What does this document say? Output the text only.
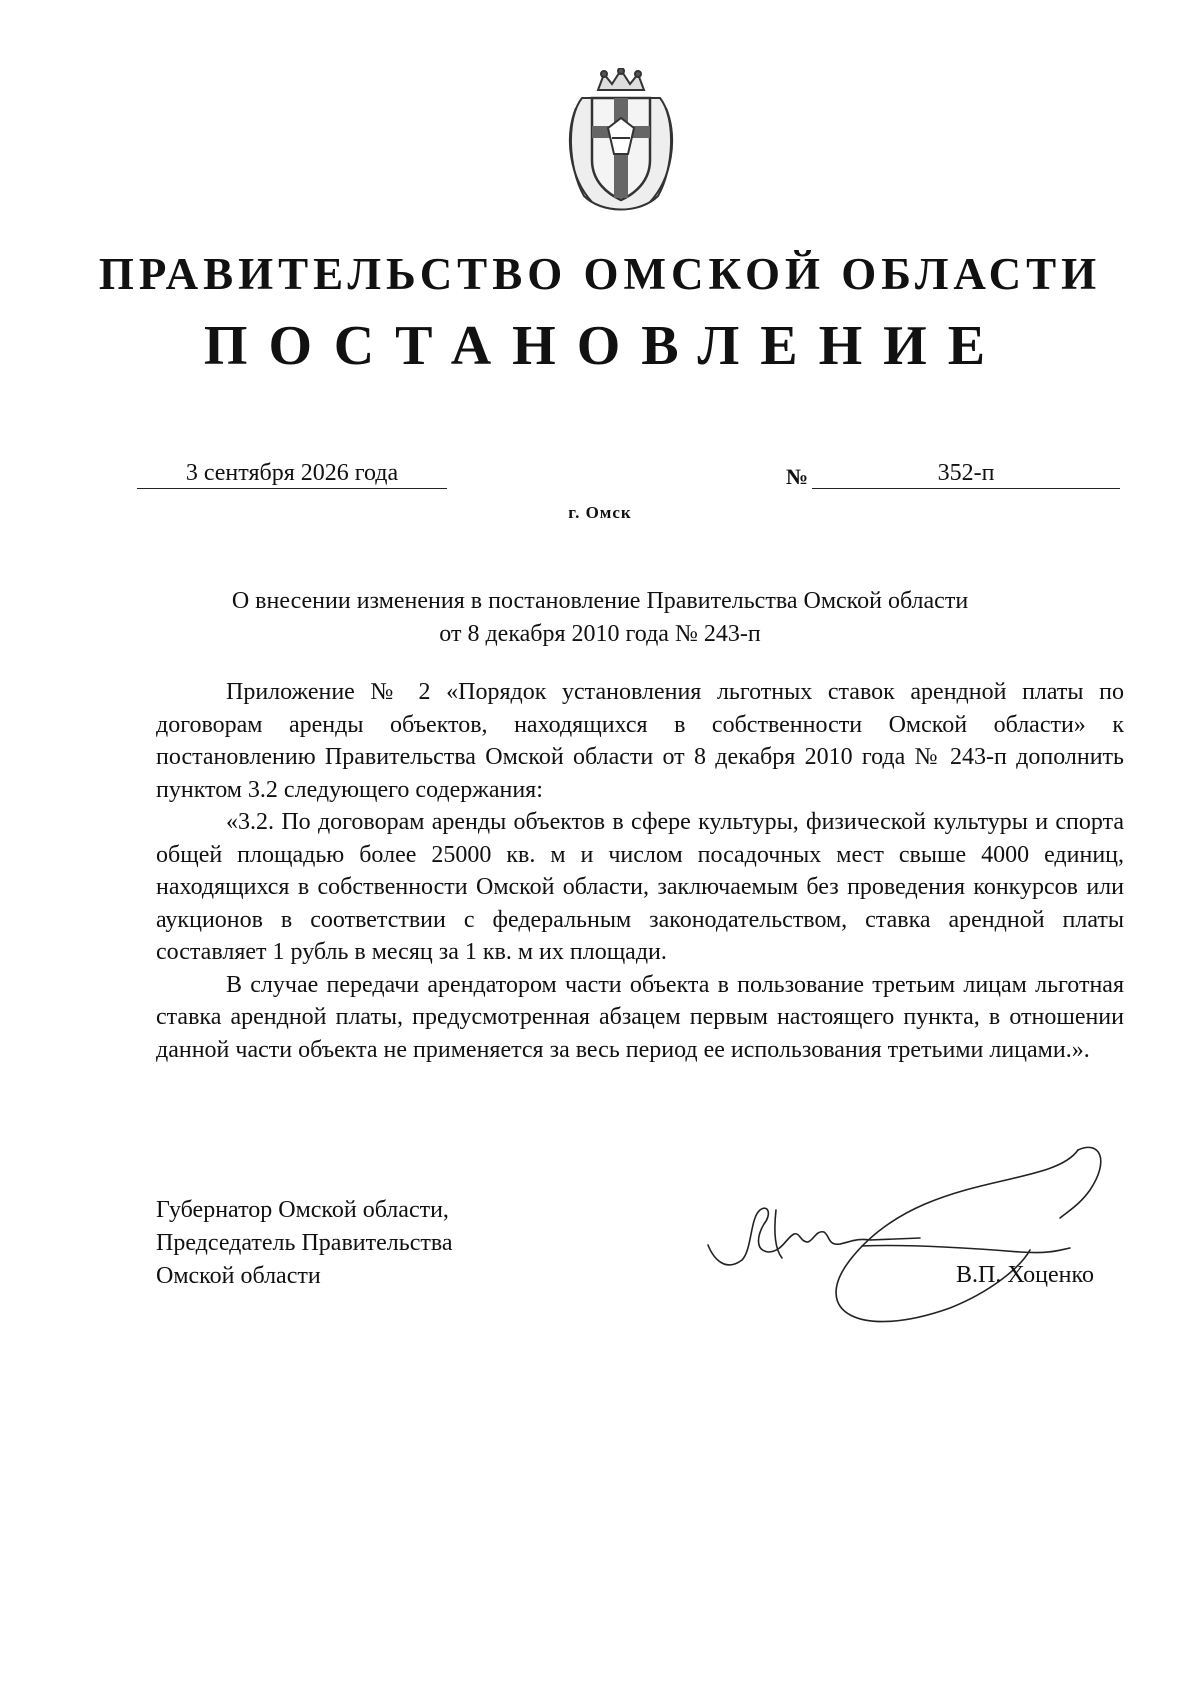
ПРАВИТЕЛЬСТВО ОМСКОЙ ОБЛАСТИ
ПОСТАНОВЛЕНИЕ
3 сентября 2026 года	№	352-п
г. Омск
О внесении изменения в постановление Правительства Омской области
от 8 декабря 2010 года № 243-п

Приложение № 2 «Порядок установления льготных ставок арендной платы по договорам аренды объектов, находящихся в собственности Омской области» к постановлению Правительства Омской области от 8 декабря 2010 года № 243-п дополнить пунктом 3.2 следующего содержания:

«3.2. По договорам аренды объектов в сфере культуры, физической культуры и спорта общей площадью более 25000 кв. м и числом посадочных мест свыше 4000 единиц, находящихся в собственности Омской области, заключаемым без проведения конкурсов или аукционов в соответствии с федеральным законодательством, ставка арендной платы составляет 1 рубль в месяц за 1 кв. м их площади.

В случае передачи арендатором части объекта в пользование третьим лицам льготная ставка арендной платы, предусмотренная абзацем первым настоящего пункта, в отношении данной части объекта не применяется за весь период ее использования третьими лицами.».

Губернатор Омской области,
Председатель Правительства
Омской области	В.П. Хоценко
